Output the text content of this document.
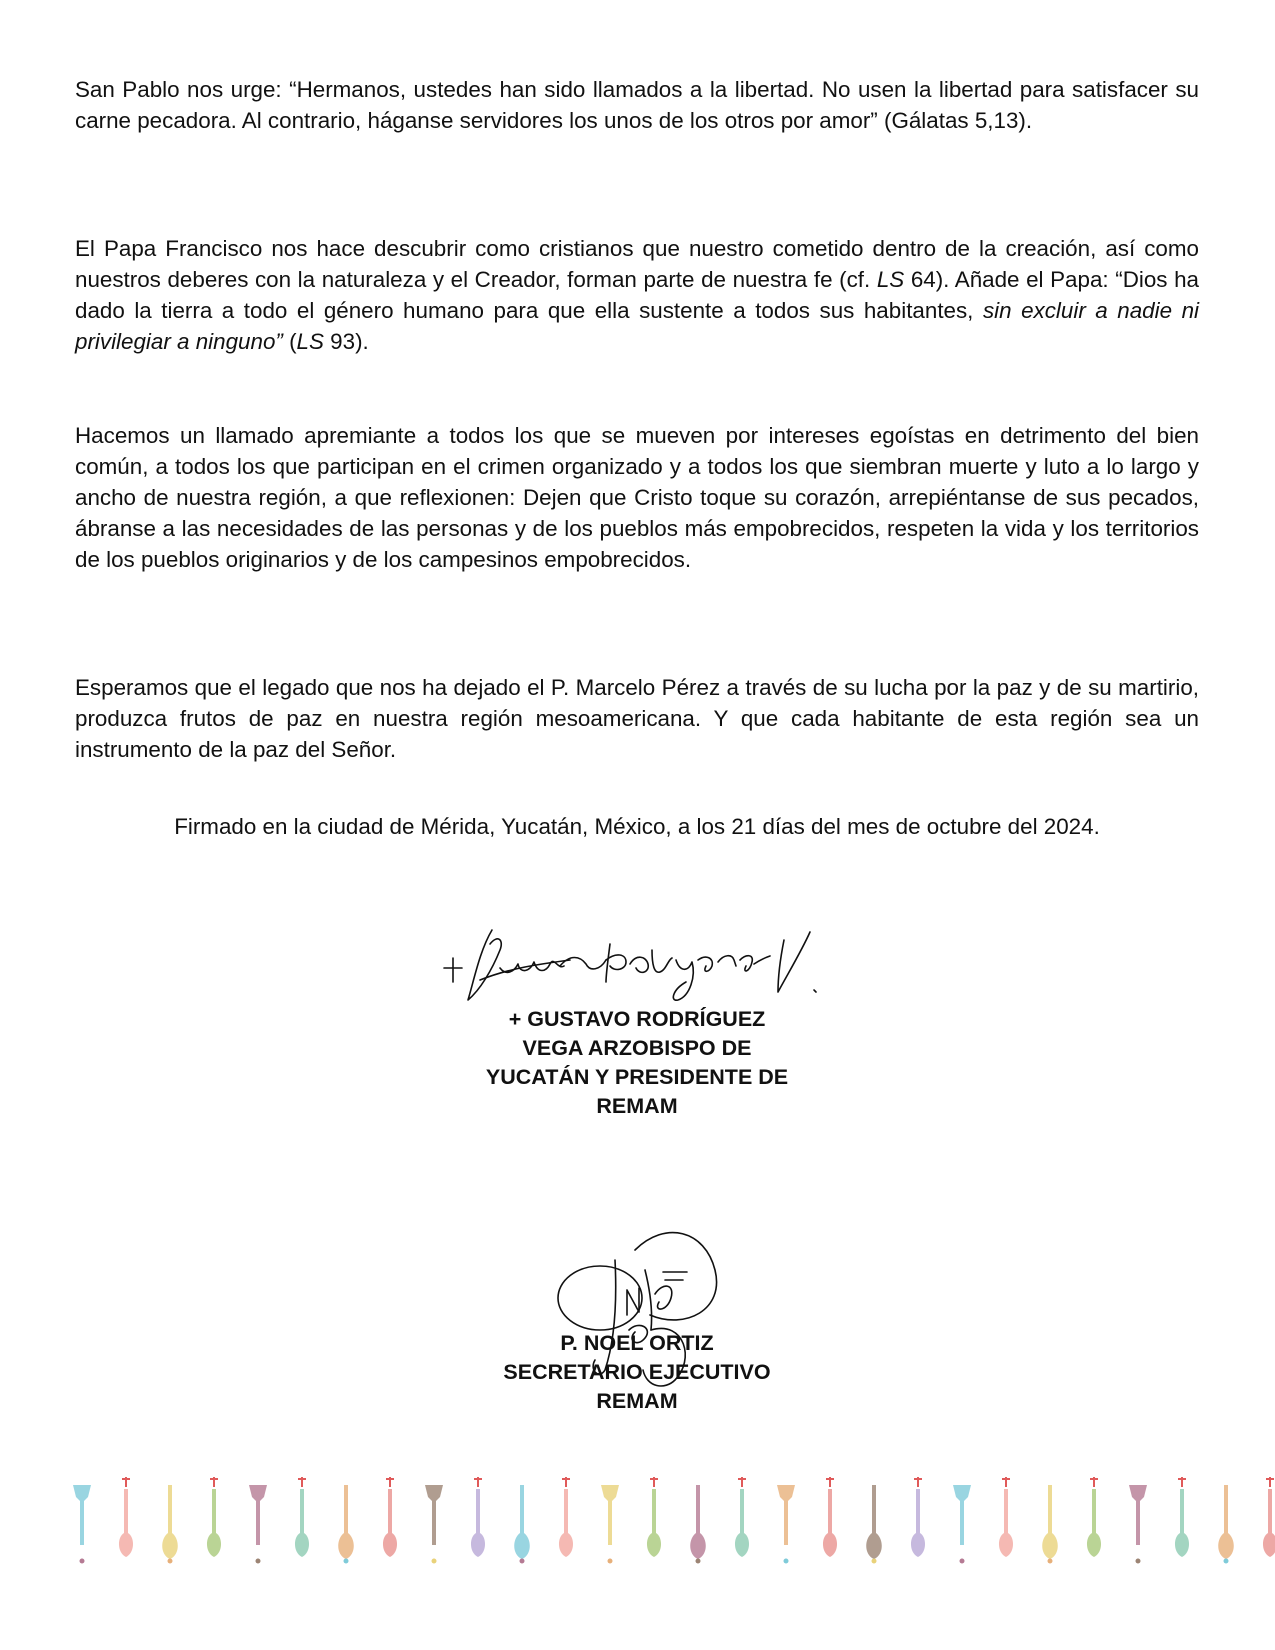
San Pablo nos urge: “Hermanos, ustedes han sido llamados a la libertad. No usen la libertad para satisfacer su carne pecadora. Al contrario, háganse servidores los unos de los otros por amor” (Gálatas 5,13).

El Papa Francisco nos hace descubrir como cristianos que nuestro cometido dentro de la creación, así como nuestros deberes con la naturaleza y el Creador, forman parte de nuestra fe (cf. LS 64). Añade el Papa: “Dios ha dado la tierra a todo el género humano para que ella sustente a todos sus habitantes, sin excluir a nadie ni privilegiar a ninguno” (LS 93).

Hacemos un llamado apremiante a todos los que se mueven por intereses egoístas en detrimento del bien común, a todos los que participan en el crimen organizado y a todos los que siembran muerte y luto a lo largo y ancho de nuestra región, a que reflexionen: Dejen que Cristo toque su corazón, arrepiéntanse de sus pecados, ábranse a las necesidades de las personas y de los pueblos más empobrecidos, respeten la vida y los territorios de los pueblos originarios y de los campesinos empobrecidos.

Esperamos que el legado que nos ha dejado el P. Marcelo Pérez a través de su lucha por la paz y de su martirio, produzca frutos de paz en nuestra región mesoamericana. Y que cada habitante de esta región sea un instrumento de la paz del Señor.

Firmado en la ciudad de Mérida, Yucatán, México, a los 21 días del mes de octubre del 2024.

+ GUSTAVO RODRÍGUEZ
VEGA ARZOBISPO DE
YUCATÁN Y PRESIDENTE DE
REMAM
P. NOEL ORTIZ
SECRETARIO EJECUTIVO
REMAM
